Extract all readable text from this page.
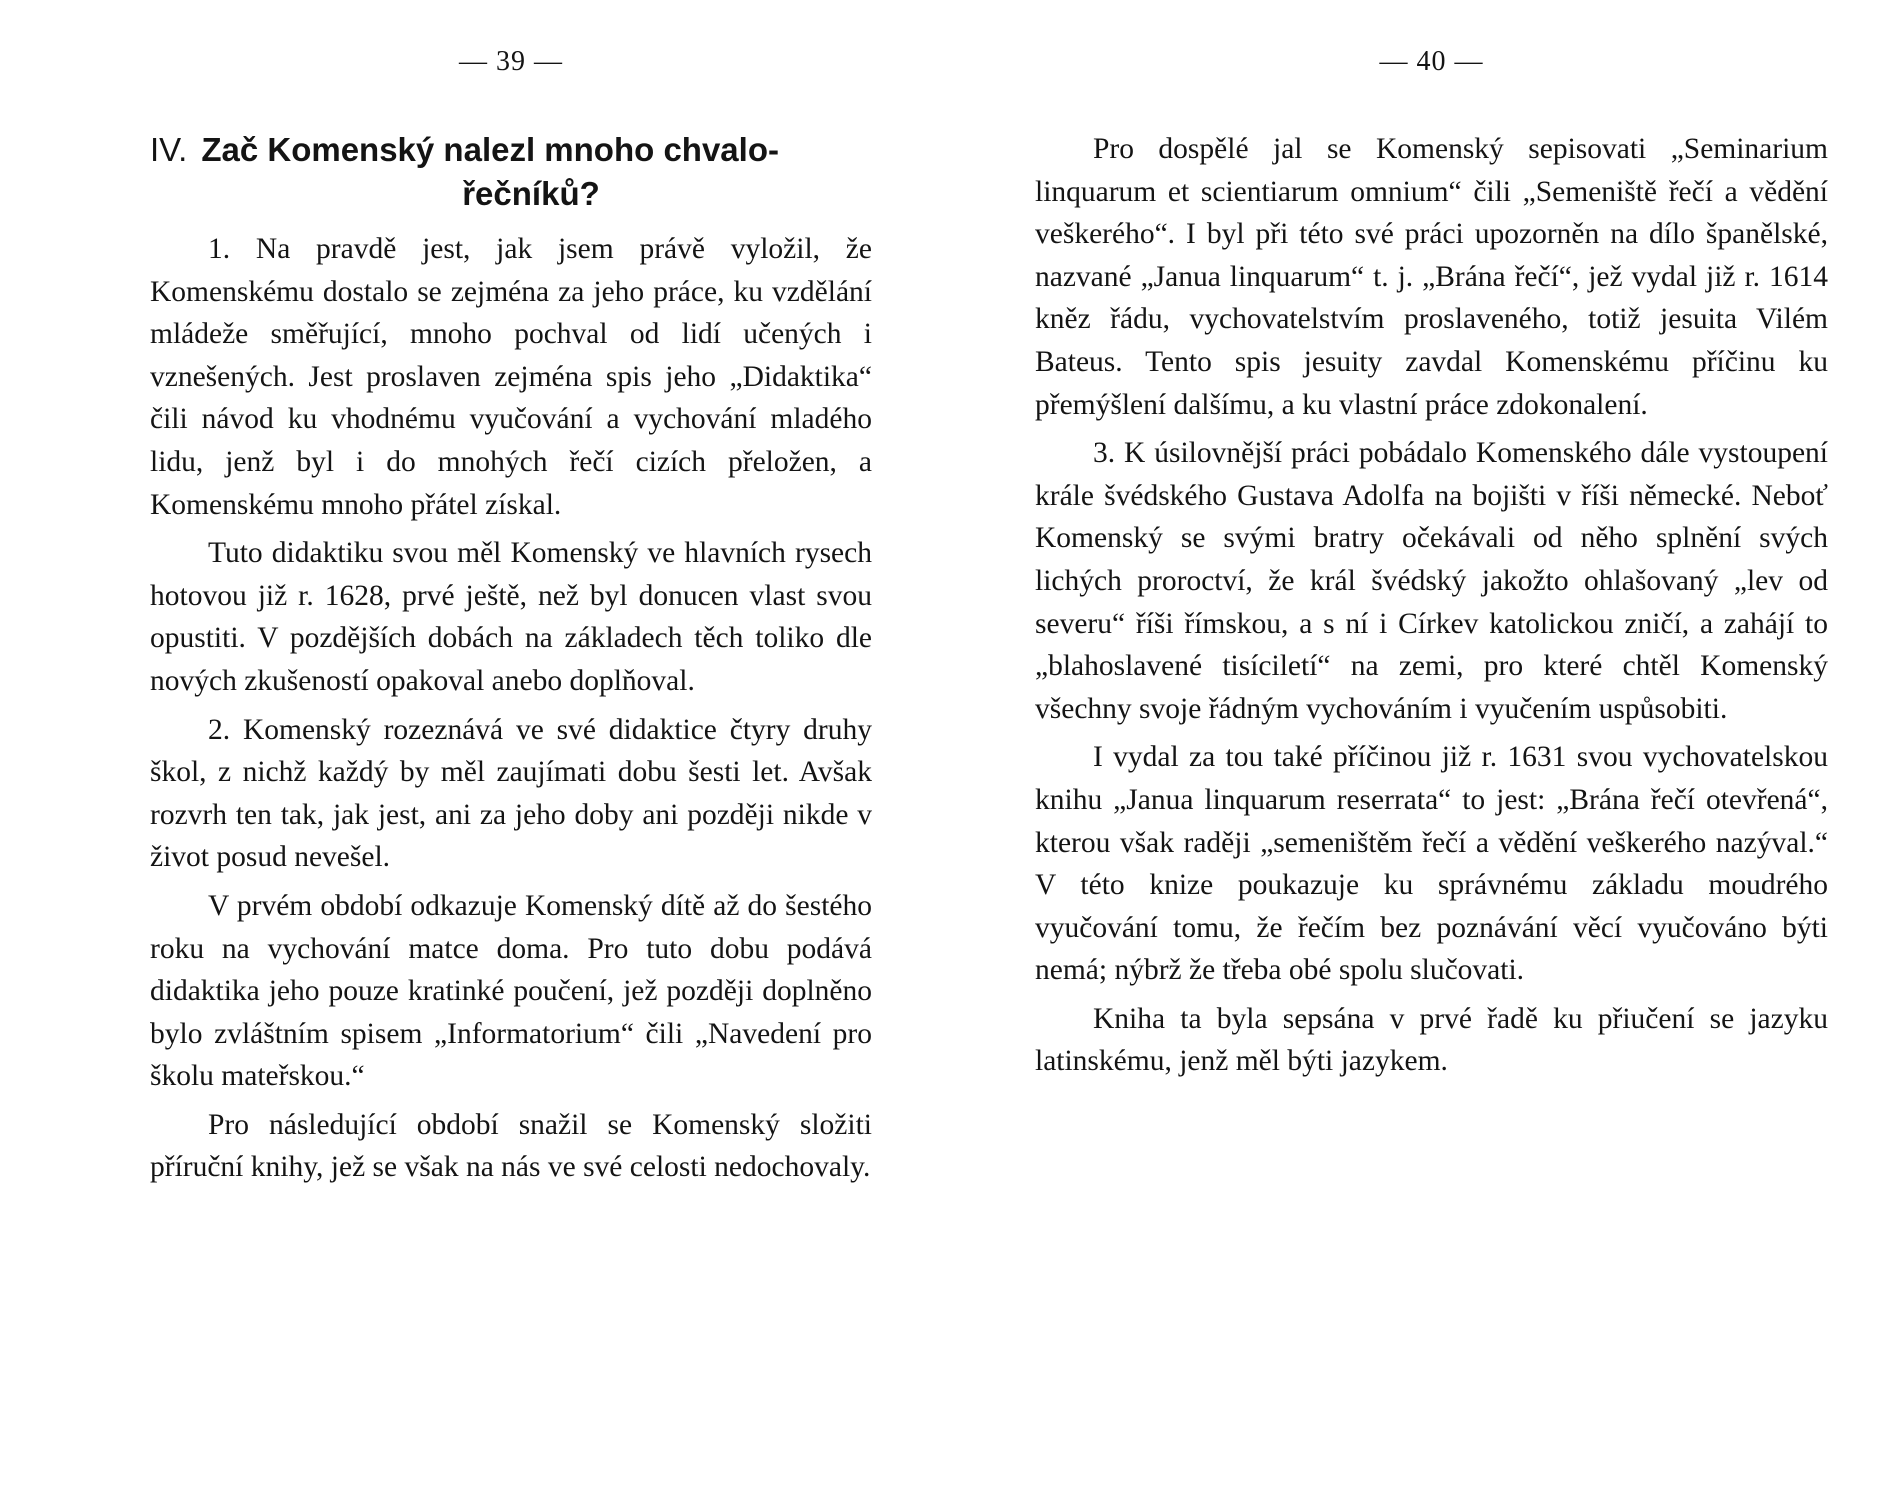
— 39 —
IV. Zač Komenský nalezl mnoho chvalo-
řečníků?

1. Na pravdě jest, jak jsem právě vyložil, že Komenskému dostalo se zejména za jeho práce, ku vzdělání mládeže směřující, mnoho pochval od lidí učených i vznešených. Jest proslaven zejména spis jeho „Didaktika“ čili návod ku vhodnému vyučování a vychování mladého lidu, jenž byl i do mnohých řečí cizích přeložen, a Komenskému mnoho přátel získal.

Tuto didaktiku svou měl Komenský ve hlavních rysech hotovou již r. 1628, prvé ještě, než byl donucen vlast svou opustiti. V pozdějších dobách na základech těch toliko dle nových zkušeností opakoval anebo doplňoval.

2. Komenský rozeznává ve své didaktice čtyry druhy škol, z nichž každý by měl zaujímati dobu šesti let. Avšak rozvrh ten tak, jak jest, ani za jeho doby ani později nikde v život posud nevešel.

V prvém období odkazuje Komenský dítě až do šestého roku na vychování matce doma. Pro tuto dobu podává didaktika jeho pouze kratinké poučení, jež později doplněno bylo zvláštním spisem „Informatorium“ čili „Navedení pro školu mateřskou.“

Pro následující období snažil se Komenský složiti příruční knihy, jež se však na nás ve své celosti nedochovaly.

— 40 —

Pro dospělé jal se Komenský sepisovati „Seminarium linquarum et scientiarum omnium“ čili „Semeniště řečí a vědění veškerého“. I byl při této své práci upozorněn na dílo španělské, nazvané „Janua linquarum“ t. j. „Brána řečí“, jež vydal již r. 1614 kněz řádu, vychovatelstvím proslaveného, totiž jesuita Vilém Bateus. Tento spis jesuity zavdal Komenskému příčinu ku přemýšlení dalšímu, a ku vlastní práce zdokonalení.

3. K úsilovnější práci pobádalo Komenského dále vystoupení krále švédského Gustava Adolfa na bojišti v říši německé. Neboť Komenský se svými bratry očekávali od něho splnění svých lichých proroctví, že král švédský jakožto ohlašovaný „lev od severu“ říši římskou, a s ní i Církev katolickou zničí, a zahájí to „blahoslavené tisíciletí“ na zemi, pro které chtěl Komenský všechny svoje řádným vychováním i vyučením uspůsobiti.

I vydal za tou také příčinou již r. 1631 svou vychovatelskou knihu „Janua linquarum reserrata“ to jest: „Brána řečí otevřená“, kterou však raději „semeništěm řečí a vědění veškerého nazýval.“ V této knize poukazuje ku správnému základu moudrého vyučování tomu, že řečím bez poznávání věcí vyučováno býti nemá; nýbrž že třeba obé spolu slučovati.

Kniha ta byla sepsána v prvé řadě ku přiučení se jazyku latinskému, jenž měl býti jazykem.
